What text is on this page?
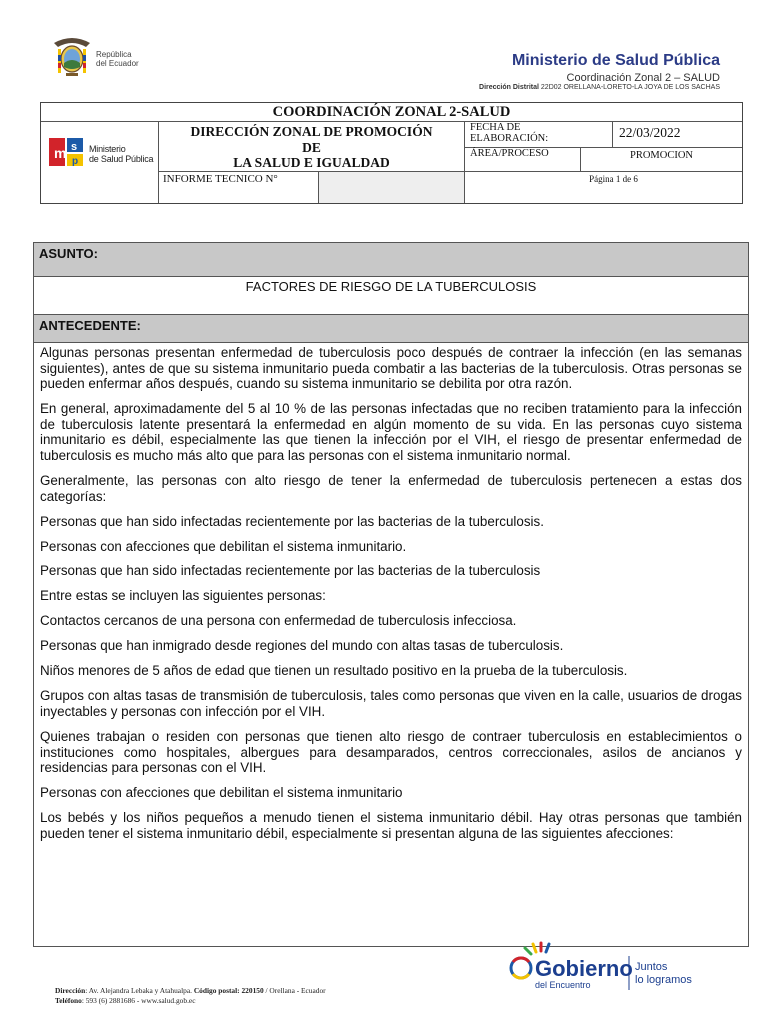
República
del Ecuador	Ministerio de Salud Pública
Coordinación Zonal 2 – SALUD
Dirección Distrital 22D02 ORELLANA-LORETO-LA JOYA DE LOS SACHAS
COORDINACIÓN ZONAL 2-SALUD
m s
p
Ministerio
de Salud Pública
DIRECCIÓN ZONAL DE PROMOCIÓN
DE
LA SALUD E IGUALDAD
FECHA DE
ELABORACIÓN:	22/03/2022
ÁREA/PROCESO	PROMOCION
INFORME TECNICO N°	Página 1 de 6
ASUNTO:
FACTORES DE RIESGO DE LA TUBERCULOSIS
ANTECEDENTE:

Algunas personas presentan enfermedad de tuberculosis poco después de contraer la infección (en las semanas siguientes), antes de que su sistema inmunitario pueda combatir a las bacterias de la tuberculosis. Otras personas se pueden enfermar años después, cuando su sistema inmunitario se debilita por otra razón.

En general, aproximadamente del 5 al 10 % de las personas infectadas que no reciben tratamiento para la infección de tuberculosis latente presentará la enfermedad en algún momento de su vida. En las personas cuyo sistema inmunitario es débil, especialmente las que tienen la infección por el VIH, el riesgo de presentar enfermedad de tuberculosis es mucho más alto que para las personas con el sistema inmunitario normal.

Generalmente, las personas con alto riesgo de tener la enfermedad de tuberculosis pertenecen a estas dos categorías:

Personas que han sido infectadas recientemente por las bacterias de la tuberculosis.

Personas con afecciones que debilitan el sistema inmunitario.

Personas que han sido infectadas recientemente por las bacterias de la tuberculosis

Entre estas se incluyen las siguientes personas:

Contactos cercanos de una persona con enfermedad de tuberculosis infecciosa.

Personas que han inmigrado desde regiones del mundo con altas tasas de tuberculosis.

Niños menores de 5 años de edad que tienen un resultado positivo en la prueba de la tuberculosis.

Grupos con altas tasas de transmisión de tuberculosis, tales como personas que viven en la calle, usuarios de drogas inyectables y personas con infección por el VIH.

Quienes trabajan o residen con personas que tienen alto riesgo de contraer tuberculosis en establecimientos o instituciones como hospitales, albergues para desamparados, centros correccionales, asilos de ancianos y residencias para personas con el VIH.

Personas con afecciones que debilitan el sistema inmunitario

Los bebés y los niños pequeños a menudo tienen el sistema inmunitario débil. Hay otras personas que también pueden tener el sistema inmunitario débil, especialmente si presentan alguna de las siguientes afecciones:

Dirección: Av. Alejandra Lebaka y Atahualpa. Código postal: 220150 / Orellana - Ecuador
Teléfono: 593 (6) 2881686 - www.salud.gob.ec
Gobierno
del Encuentro
Juntos
lo logramos
